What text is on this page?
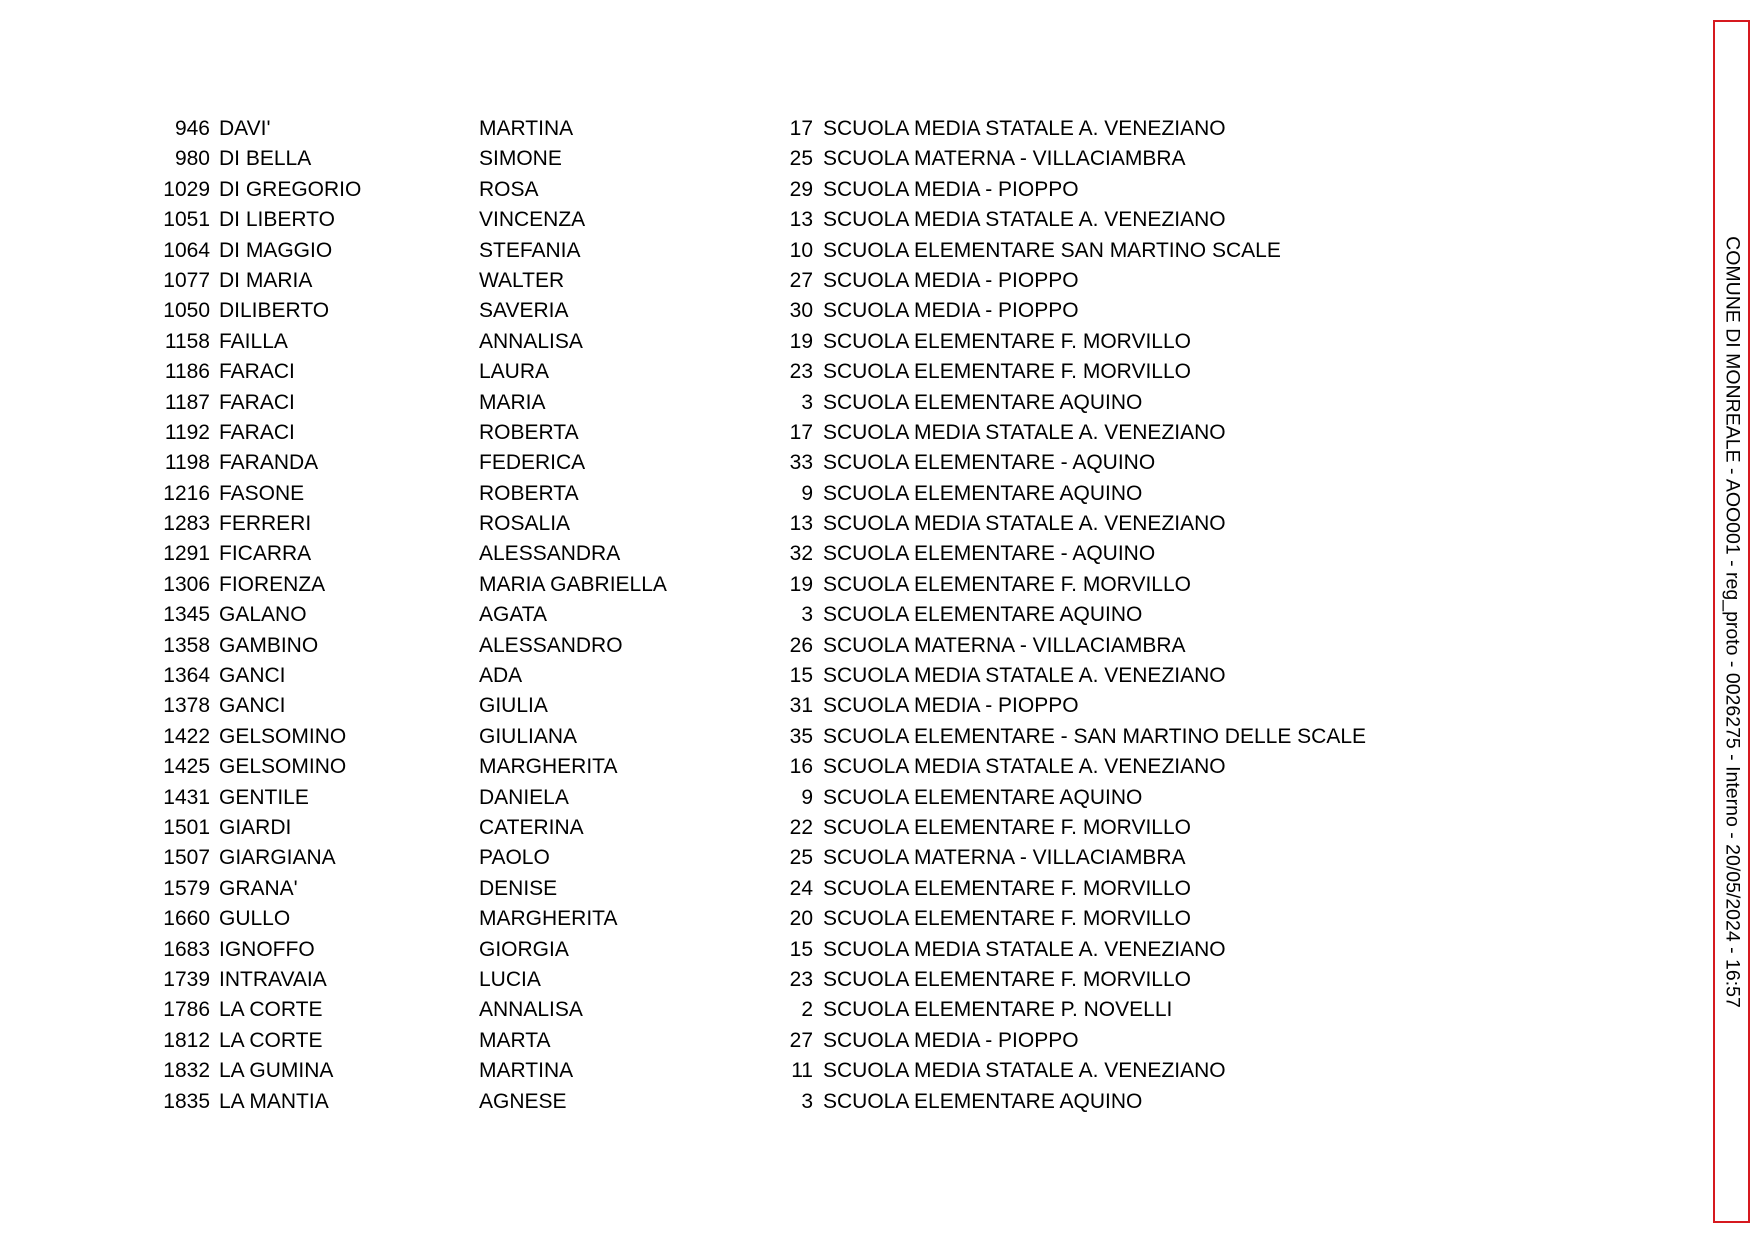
946 DAVI'	MARTINA	17 SCUOLA MEDIA STATALE A. VENEZIANO
980 DI BELLA	SIMONE	25 SCUOLA MATERNA - VILLACIAMBRA
1029 DI GREGORIO	ROSA	29 SCUOLA MEDIA - PIOPPO
1051 DI LIBERTO	VINCENZA	13 SCUOLA MEDIA STATALE A. VENEZIANO
1064 DI MAGGIO	STEFANIA	10 SCUOLA ELEMENTARE SAN MARTINO SCALE
1077 DI MARIA	WALTER	27 SCUOLA MEDIA - PIOPPO
1050 DILIBERTO	SAVERIA	30 SCUOLA MEDIA - PIOPPO
1158 FAILLA	ANNALISA	19 SCUOLA ELEMENTARE F. MORVILLO
1186 FARACI	LAURA	23 SCUOLA ELEMENTARE F. MORVILLO
1187 FARACI	MARIA	3 SCUOLA ELEMENTARE AQUINO
1192 FARACI	ROBERTA	17 SCUOLA MEDIA STATALE A. VENEZIANO
1198 FARANDA	FEDERICA	33 SCUOLA ELEMENTARE - AQUINO
1216 FASONE	ROBERTA	9 SCUOLA ELEMENTARE AQUINO
1283 FERRERI	ROSALIA	13 SCUOLA MEDIA STATALE A. VENEZIANO
1291 FICARRA	ALESSANDRA	32 SCUOLA ELEMENTARE - AQUINO
1306 FIORENZA	MARIA GABRIELLA	19 SCUOLA ELEMENTARE F. MORVILLO
1345 GALANO	AGATA	3 SCUOLA ELEMENTARE AQUINO
1358 GAMBINO	ALESSANDRO	26 SCUOLA MATERNA - VILLACIAMBRA
1364 GANCI	ADA	15 SCUOLA MEDIA STATALE A. VENEZIANO
1378 GANCI	GIULIA	31 SCUOLA MEDIA - PIOPPO
1422 GELSOMINO	GIULIANA	35 SCUOLA ELEMENTARE - SAN MARTINO DELLE SCALE
1425 GELSOMINO	MARGHERITA	16 SCUOLA MEDIA STATALE A. VENEZIANO
1431 GENTILE	DANIELA	9 SCUOLA ELEMENTARE AQUINO
1501 GIARDI	CATERINA	22 SCUOLA ELEMENTARE F. MORVILLO
1507 GIARGIANA	PAOLO	25 SCUOLA MATERNA - VILLACIAMBRA
1579 GRANA'	DENISE	24 SCUOLA ELEMENTARE F. MORVILLO
1660 GULLO	MARGHERITA	20 SCUOLA ELEMENTARE F. MORVILLO
1683 IGNOFFO	GIORGIA	15 SCUOLA MEDIA STATALE A. VENEZIANO
1739 INTRAVAIA	LUCIA	23 SCUOLA ELEMENTARE F. MORVILLO
1786 LA CORTE	ANNALISA	2 SCUOLA ELEMENTARE P. NOVELLI
1812 LA CORTE	MARTA	27 SCUOLA MEDIA - PIOPPO
1832 LA GUMINA	MARTINA	11 SCUOLA MEDIA STATALE A. VENEZIANO
1835 LA MANTIA	AGNESE	3 SCUOLA ELEMENTARE AQUINO
COMUNE DI MONREALE - AOO001 - reg_proto - 0026275 - Interno - 20/05/2024 - 16:57
